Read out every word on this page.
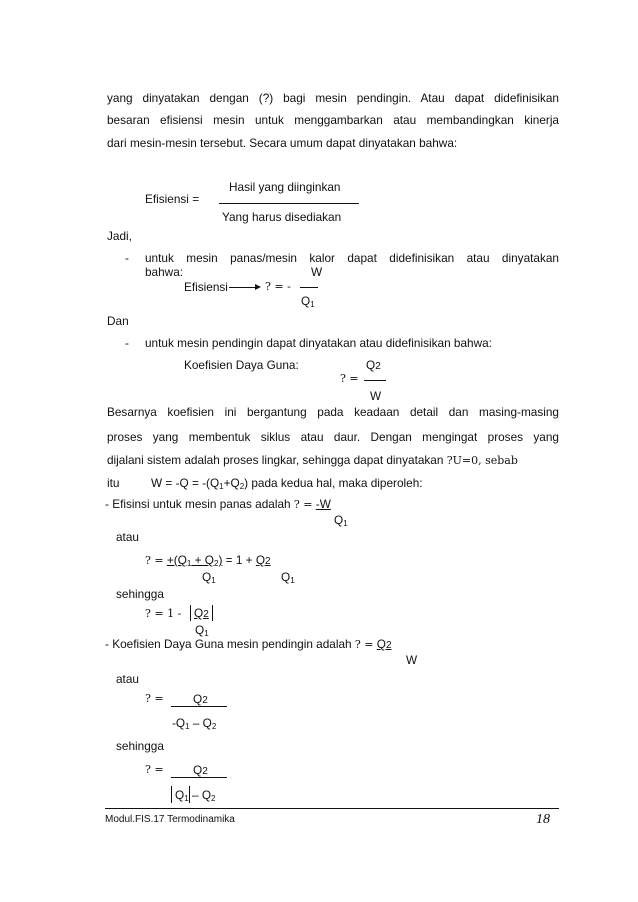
yang dinyatakan dengan (?) bagi mesin pendingin. Atau dapat didefinisikan
besaran efisiensi mesin untuk menggambarkan atau membandingkan kinerja
dari mesin-mesin tersebut. Secara umum dapat dinyatakan bahwa:
Efisiensi =
Hasil yang diinginkan
Yang harus disediakan
Jadi,
- untuk mesin panas/mesin kalor dapat didefinisikan atau dinyatakan
bahwa:	W
Efisiensi	? = -
$Q_1$
Dan
- untuk mesin pendingin dapat dinyatakan atau didefinisikan bahwa:
Koefisien Daya Guna:	Q2
? =
W
Besarnya koefisien ini bergantung pada keadaan detail dan masing-masing
proses yang membentuk siklus atau daur. Dengan mengingat proses yang
dijalani sistem adalah proses lingkar, sehingga dapat dinyatakan ?U=0, sebab
itu	$W = -Q = -(Q_1+Q_2)$ pada kedua hal, maka diperoleh:
- Efisinsi untuk mesin panas adalah ? = -W
$Q_1$
atau
? = $+(Q_1 + Q_2) = 1 + Q2$
$Q_1$	$Q_1$
sehingga
? = 1 - Q2
$Q_1$
- Koefisien Daya Guna mesin pendingin adalah ? = Q2
W
atau
? = Q2
$-Q_1 - Q_2$
sehingga
? = Q2
$Q_1 - Q_2$
Modul.FIS.17 Termodinamika	18
